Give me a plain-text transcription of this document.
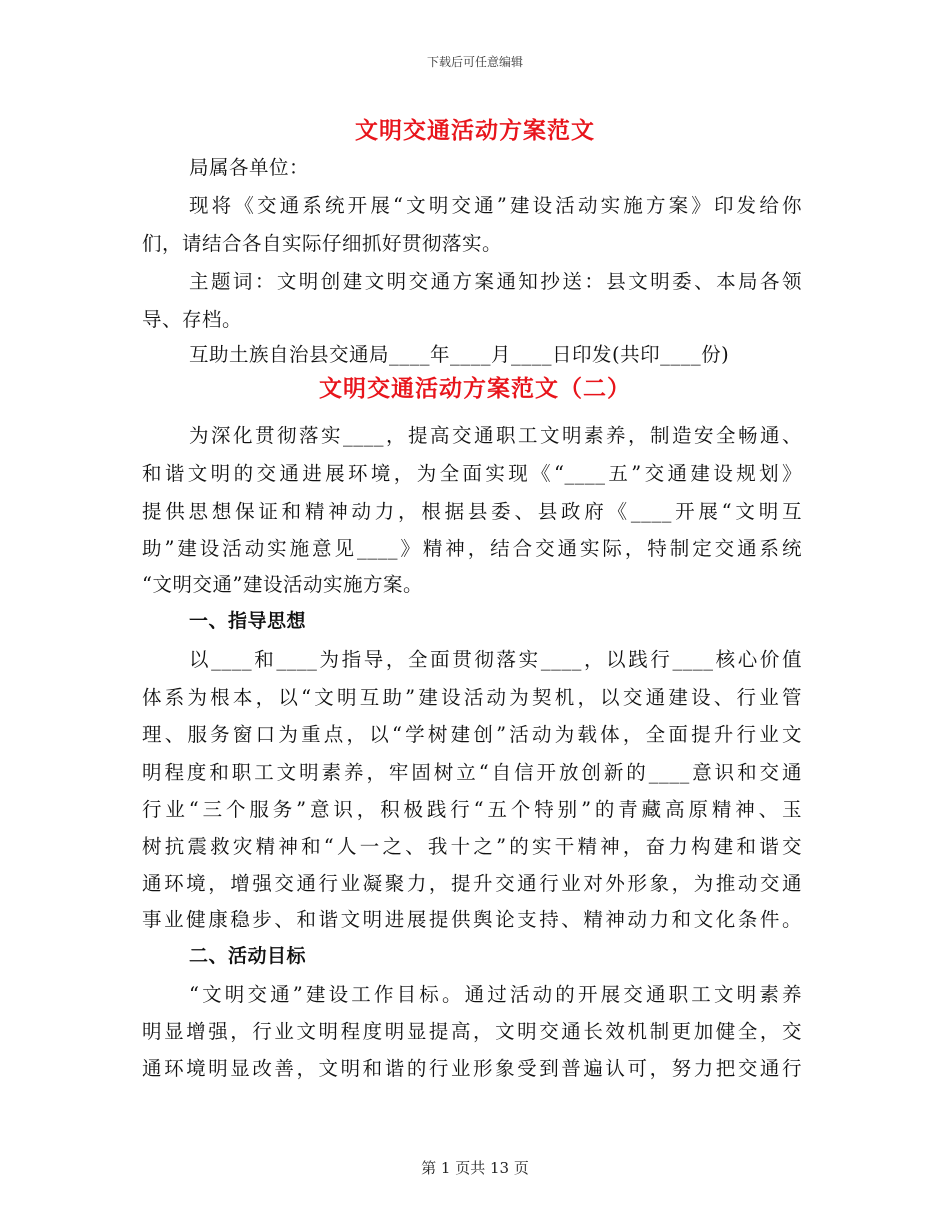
下载后可任意编辑
文明交通活动方案范文
局属各单位：
现将《交通系统开展“文明交通”建设活动实施方案》印发给你
们，请结合各自实际仔细抓好贯彻落实。
主题词：文明创建文明交通方案通知抄送：县文明委、本局各领
导、存档。
互助土族自治县交通局____年____月____日印发(共印____份)
文明交通活动方案范文（二）
为深化贯彻落实____，提高交通职工文明素养，制造安全畅通、
和谐文明的交通进展环境，为全面实现《“____五”交通建设规划》
提供思想保证和精神动力，根据县委、县政府《____开展“文明互
助”建设活动实施意见____》精神，结合交通实际，特制定交通系统
“文明交通”建设活动实施方案。
一、指导思想
以____和____为指导，全面贯彻落实____，以践行____核心价值
体系为根本，以“文明互助”建设活动为契机，以交通建设、行业管
理、服务窗口为重点，以“学树建创”活动为载体，全面提升行业文
明程度和职工文明素养，牢固树立“自信开放创新的____意识和交通
行业“三个服务”意识，积极践行“五个特别”的青藏高原精神、玉
树抗震救灾精神和“人一之、我十之”的实干精神，奋力构建和谐交
通环境，增强交通行业凝聚力，提升交通行业对外形象，为推动交通
事业健康稳步、和谐文明进展提供舆论支持、精神动力和文化条件。
二、活动目标
“文明交通”建设工作目标。通过活动的开展交通职工文明素养
明显增强，行业文明程度明显提高，文明交通长效机制更加健全，交
通环境明显改善，文明和谐的行业形象受到普遍认可，努力把交通行
第 1 页共 13 页
